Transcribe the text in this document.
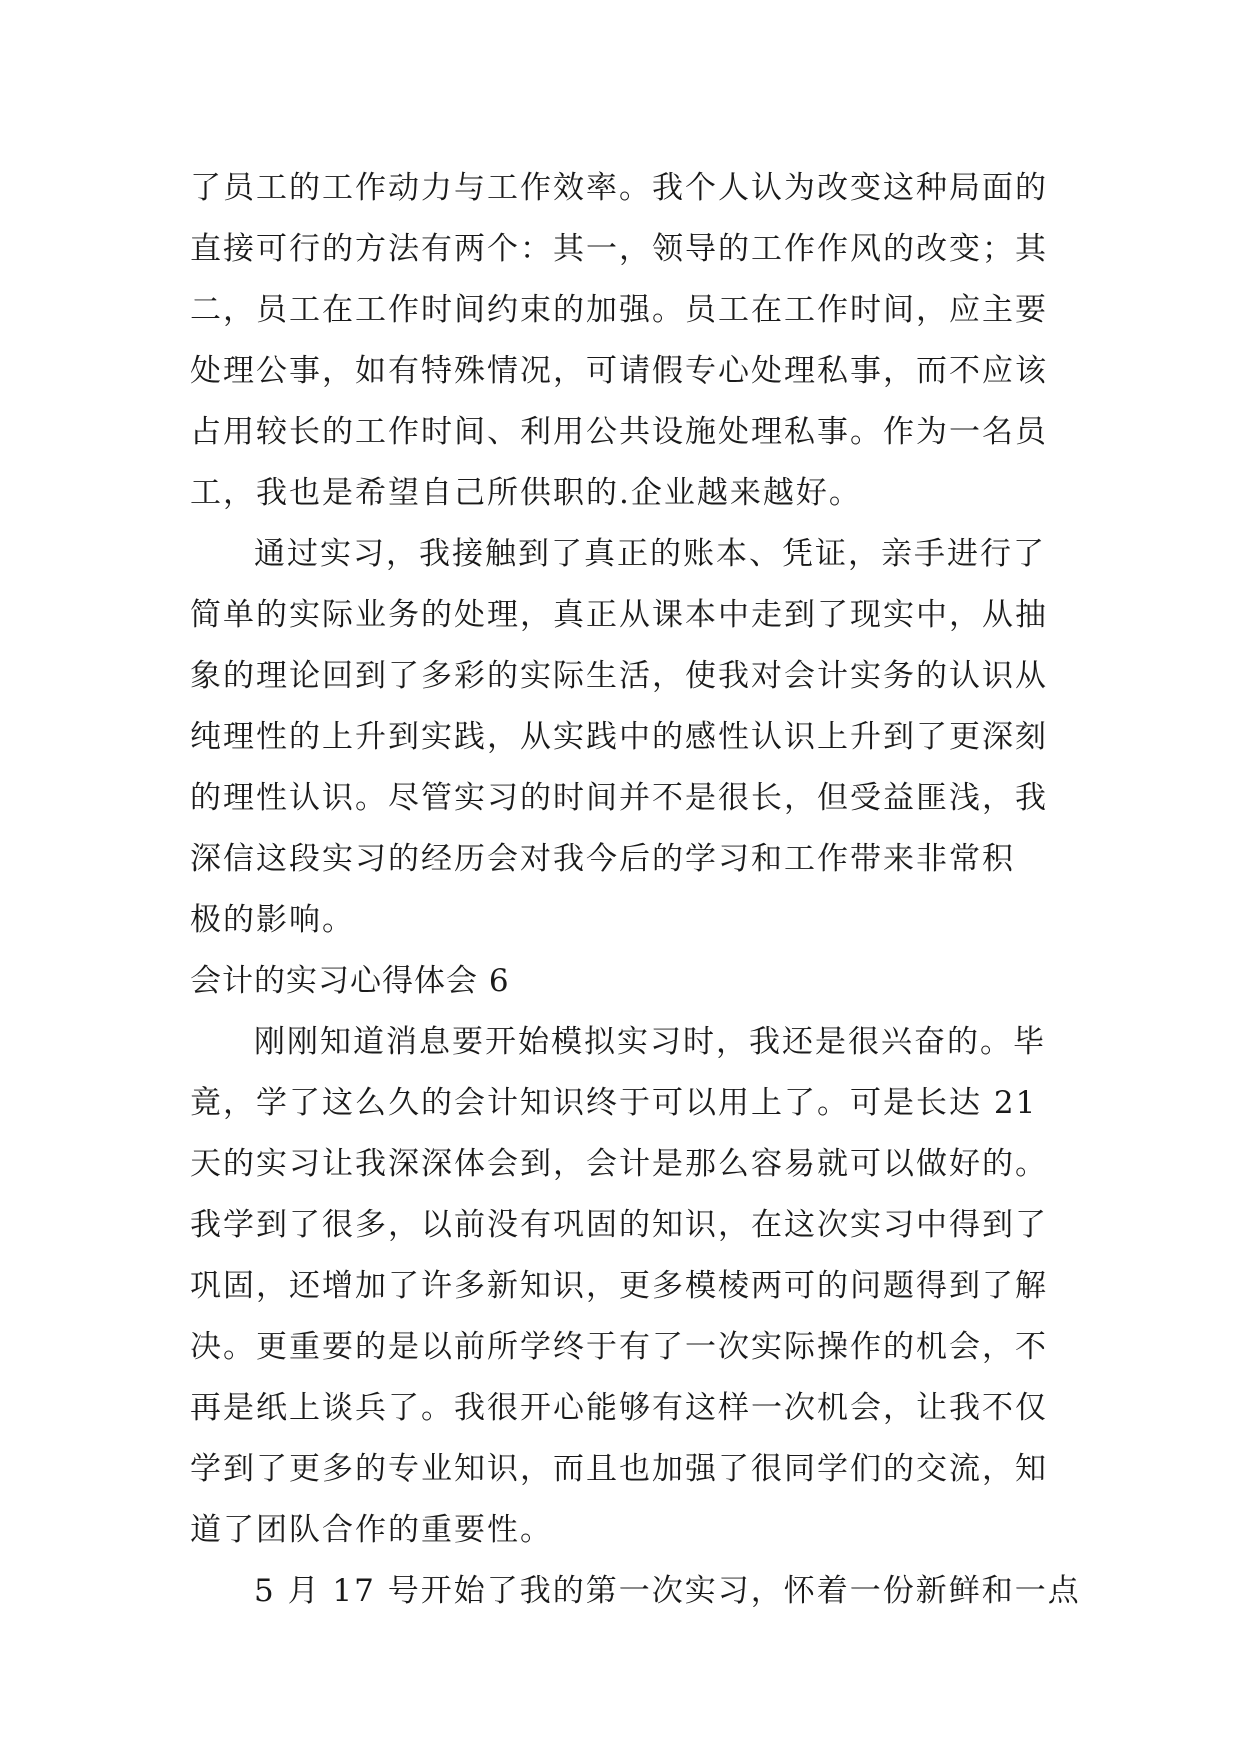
了员工的工作动力与工作效率。我个人认为改变这种局面的
直接可行的方法有两个：其一，领导的工作作风的改变；其
二，员工在工作时间约束的加强。员工在工作时间，应主要
处理公事，如有特殊情况，可请假专心处理私事，而不应该
占用较长的工作时间、利用公共设施处理私事。作为一名员
工，我也是希望自己所供职的.企业越来越好。
通过实习，我接触到了真正的账本、凭证，亲手进行了
简单的实际业务的处理，真正从课本中走到了现实中，从抽
象的理论回到了多彩的实际生活，使我对会计实务的认识从
纯理性的上升到实践，从实践中的感性认识上升到了更深刻
的理性认识。尽管实习的时间并不是很长，但受益匪浅，我
深信这段实习的经历会对我今后的学习和工作带来非常积
极的影响。
会计的实习心得体会 6
刚刚知道消息要开始模拟实习时，我还是很兴奋的。毕
竟，学了这么久的会计知识终于可以用上了。可是长达 21
天的实习让我深深体会到，会计是那么容易就可以做好的。
我学到了很多，以前没有巩固的知识，在这次实习中得到了
巩固，还增加了许多新知识，更多模棱两可的问题得到了解
决。更重要的是以前所学终于有了一次实际操作的机会，不
再是纸上谈兵了。我很开心能够有这样一次机会，让我不仅
学到了更多的专业知识，而且也加强了很同学们的交流，知
道了团队合作的重要性。
5 月 17 号开始了我的第一次实习，怀着一份新鲜和一点
